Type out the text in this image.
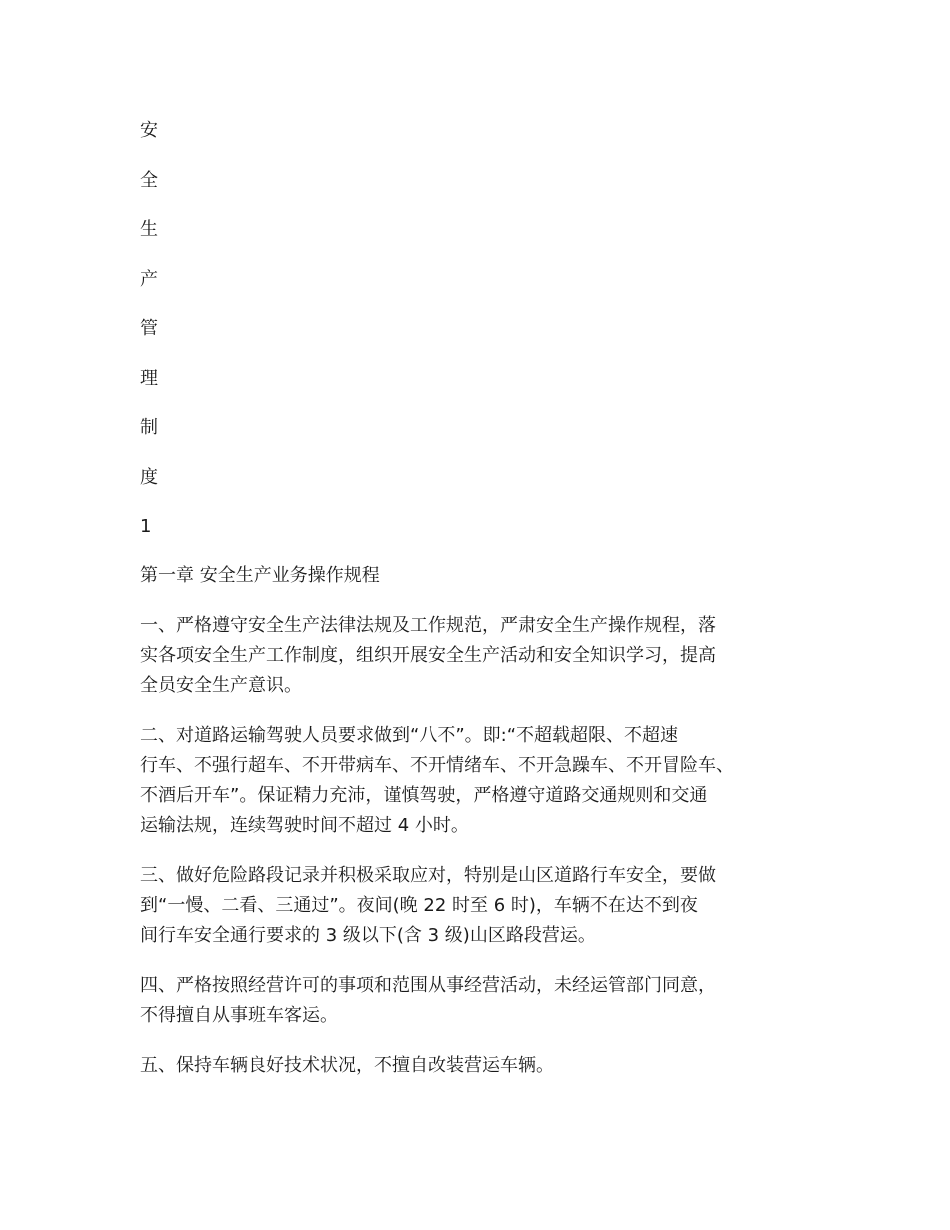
安
全
生
产
管
理
制
度
1
第一章 安全生产业务操作规程
一、严格遵守安全生产法律法规及工作规范，严肃安全生产操作规程，落
实各项安全生产工作制度，组织开展安全生产活动和安全知识学习，提高
全员安全生产意识。
二、对道路运输驾驶人员要求做到“八不”。即:“不超载超限、不超速
行车、不强行超车、不开带病车、不开情绪车、不开急躁车、不开冒险车、
不酒后开车”。保证精力充沛，谨慎驾驶，严格遵守道路交通规则和交通
运输法规，连续驾驶时间不超过 4 小时。
三、做好危险路段记录并积极采取应对，特别是山区道路行车安全，要做
到“一慢、二看、三通过”。夜间(晚 22 时至 6 时)，车辆不在达不到夜
间行车安全通行要求的 3 级以下(含 3 级)山区路段营运。
四、严格按照经营许可的事项和范围从事经营活动，未经运管部门同意，
不得擅自从事班车客运。
五、保持车辆良好技术状况，不擅自改装营运车辆。
